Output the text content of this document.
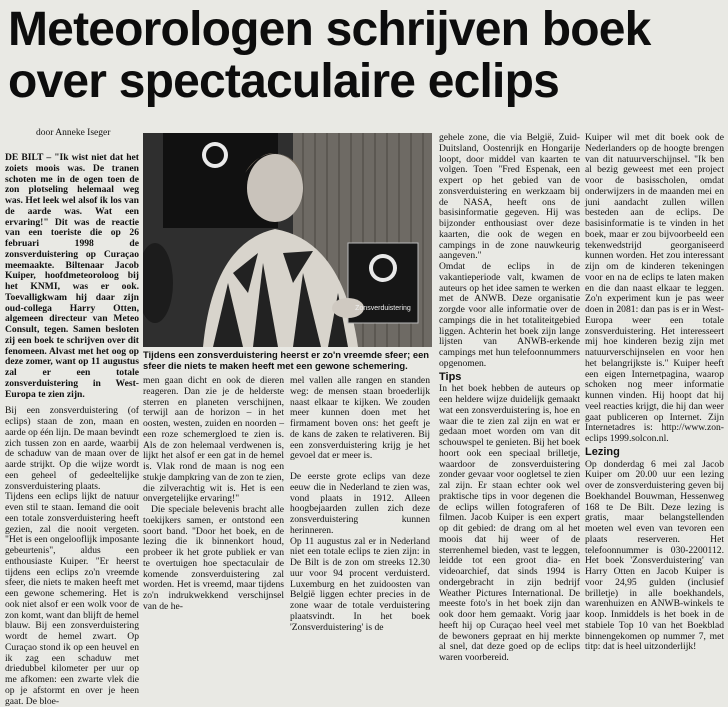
Meteorologen schrijven boek
over spectaculaire eclips
door Anneke Iseger

DE BILT – "Ik wist niet dat het zoiets moois was. De tranen schoten me in de ogen toen de zon plotseling helemaal weg was. Het leek wel alsof ik los van de aarde was. Wat een ervaring!" Dit was de reactie van een toeriste die op 26 februari 1998 de zonsverduistering op Curaçao meemaakte. Biltenaar Jacob Kuiper, hoofdmeteoroloog bij het KNMI, was er ook. Toevalligkwam hij daar zijn oud-collega Harry Otten, algemeen directeur van Meteo Consult, tegen. Samen besloten zij een boek te schrijven over dit fenomeen. Alvast met het oog op deze zomer, want op 11 augustus zal er een totale zonsverduistering in West-Europa te zien zijn.

Bij een zonsverduistering (of eclips) staan de zon, maan en aarde op één lijn. De maan bevindt zich tussen zon en aarde, waarbij de schaduw van de maan over de aarde strijkt. Op die wijze wordt een geheel of gedeeltelijke zonsverduistering plaats.

Tijdens een eclips lijkt de natuur even stil te staan. Iemand die ooit een totale zonsverduistering heeft gezien, zal die nooit vergeten. "Het is een ongelooflijk imposante gebeurtenis", aldus een enthousiaste Kuiper. "Er heerst tijdens een eclips zo'n vreemde sfeer, die niets te maken heeft met een gewone schemering. Het is ook niet alsof er een wolk voor de zon komt, want dan blijft de hemel blauw. Bij een zonsverduistering wordt de hemel zwart. Op Curaçao stond ik op een heuvel en ik zag een schaduw met driedubbel kilometer per uur op me afkomen: een zwarte vlek die op je afstormt en over je heen gaat. De bloe-

Zonsverduistering

Tijdens een zonsverduistering heerst er zo'n vreemde sfeer; een sfeer die niets te maken heeft met een gewone schemering.

men gaan dicht en ook de dieren reageren. Dan zie je de helderste sterren en planeten verschijnen, terwijl aan de horizon – in het oosten, westen, zuiden en noorden – een roze schemergloed te zien is. Als de zon helemaal verdwenen is, lijkt het alsof er een gat in de hemel is. Vlak rond de maan is nog een stukje dampkring van de zon te zien, die zilverachtig wit is. Het is een onvergetelijke ervaring!"

Die speciale belevenis bracht alle toekijkers samen, er ontstond een soort band. "Door het boek, en de lezing die ik binnenkort houd, probeer ik het grote publiek er van te overtuigen hoe spectaculair de komende zonsverduistering zal worden. Het is vreemd, maar tijdens zo'n indrukwekkend verschijnsel van de he-

mel vallen alle rangen en standen weg: de mensen staan broederlijk naast elkaar te kijken. We zouden meer kunnen doen met het firmament boven ons: het geeft je de kans de zaken te relativeren. Bij een zonsverduistering krijg je het gevoel dat er meer is.

De eerste grote eclips van deze eeuw die in Nederland te zien was, vond plaats in 1912. Alleen hoogbejaarden zullen zich deze zonsverduistering kunnen herinneren.

Op 11 augustus zal er in Nederland niet een totale eclips te zien zijn: in De Bilt is de zon om streeks 12.30 uur voor 94 procent verduisterd. Luxemburg en het zuidoosten van België liggen echter precies in de zone waar de totale verduistering plaatsvindt. In het boek 'Zonsverduistering' is de

gehele zone, die via België, Zuid-Duitsland, Oostenrijk en Hongarije loopt, door middel van kaarten te volgen. Toen "Fred Espenak, een expert op het gebied van de zonsverduistering en werkzaam bij de NASA, heeft ons de basisinformatie gegeven. Hij was bijzonder enthousiast over deze kaarten, die ook de wegen en campings in de zone nauwkeurig aangeven."

Omdat de eclips in de vakantieperiode valt, kwamen de auteurs op het idee samen te werken met de ANWB. Deze organisatie zorgde voor alle informatie over de campings die in het totaliteitgebied liggen. Achterin het boek zijn lange lijsten van ANWB-erkende campings met hun telefoonnummers opgenomen.

Tips

In het boek hebben de auteurs op een heldere wijze duidelijk gemaakt wat een zonsverduistering is, hoe en waar die te zien zal zijn en wat er gedaan moet worden om van dit schouwspel te genieten. Bij het boek hoort ook een speciaal brilletje, waardoor de zonsverduistering zonder gevaar voor oogletsel te zien zal zijn. Er staan echter ook wel praktische tips in voor degenen die de eclips willen fotograferen of filmen. Jacob Kuiper is een expert op dit gebied: de drang om al het moois dat hij weer of de sterrenhemel bieden, vast te leggen, leidde tot een groot dia- en videoarchief, dat sinds 1994 is ondergebracht in zijn bedrijf Weather Pictures International. De meeste foto's in het boek zijn dan ook door hem gemaakt. Vorig jaar heeft hij op Curaçao heel veel met de bewoners gepraat en hij merkte al snel, dat deze goed op de eclips waren voorbereid.

Kuiper wil met dit boek ook de Nederlanders op de hoogte brengen van dit natuurverschijnsel. "Ik ben al bezig geweest met een project voor de basisscholen, omdat onderwijzers in de maanden mei en juni aandacht zullen willen besteden aan de eclips. De basisinformatie is te vinden in het boek, maar er zou bijvoorbeeld een tekenwedstrijd georganiseerd kunnen worden. Het zou interessant zijn om de kinderen tekeningen voor en na de eclips te laten maken en die dan naast elkaar te leggen. Zo'n experiment kun je pas weer doen in 2081: dan pas is er in West-Europa weer een totale zonsverduistering. Het interesseert mij hoe kinderen bezig zijn met natuurverschijnselen en voor hen het belangrijkste is." Kuiper heeft een eigen Internetpagina, waarop schoken nog meer informatie kunnen vinden. Hij hoopt dat hij veel reacties krijgt, die hij dan weer gaat publiceren op Internet. Zijn Internetadres is: http://www.zon-eclips 1999.solcon.nl.

Lezing

Op donderdag 6 mei zal Jacob Kuiper om 20.00 uur een lezing over de zonsverduistering geven bij Boekhandel Bouwman, Hessenweg 168 te De Bilt. Deze lezing is gratis, maar belangstellenden moeten wel even van tevoren een plaats reserveren. Het telefoonnummer is 030-2200112. Het boek 'Zonsverduistering' van Harry Otten en Jacob Kuiper is voor 24,95 gulden (inclusief brilletje) in alle boekhandels, warenhuizen en ANWB-winkels te koop. Inmiddels is het boek in de stabiele Top 10 van het Boekblad binnengekomen op nummer 7, met titp: dat is heel uitzonderlijk!
